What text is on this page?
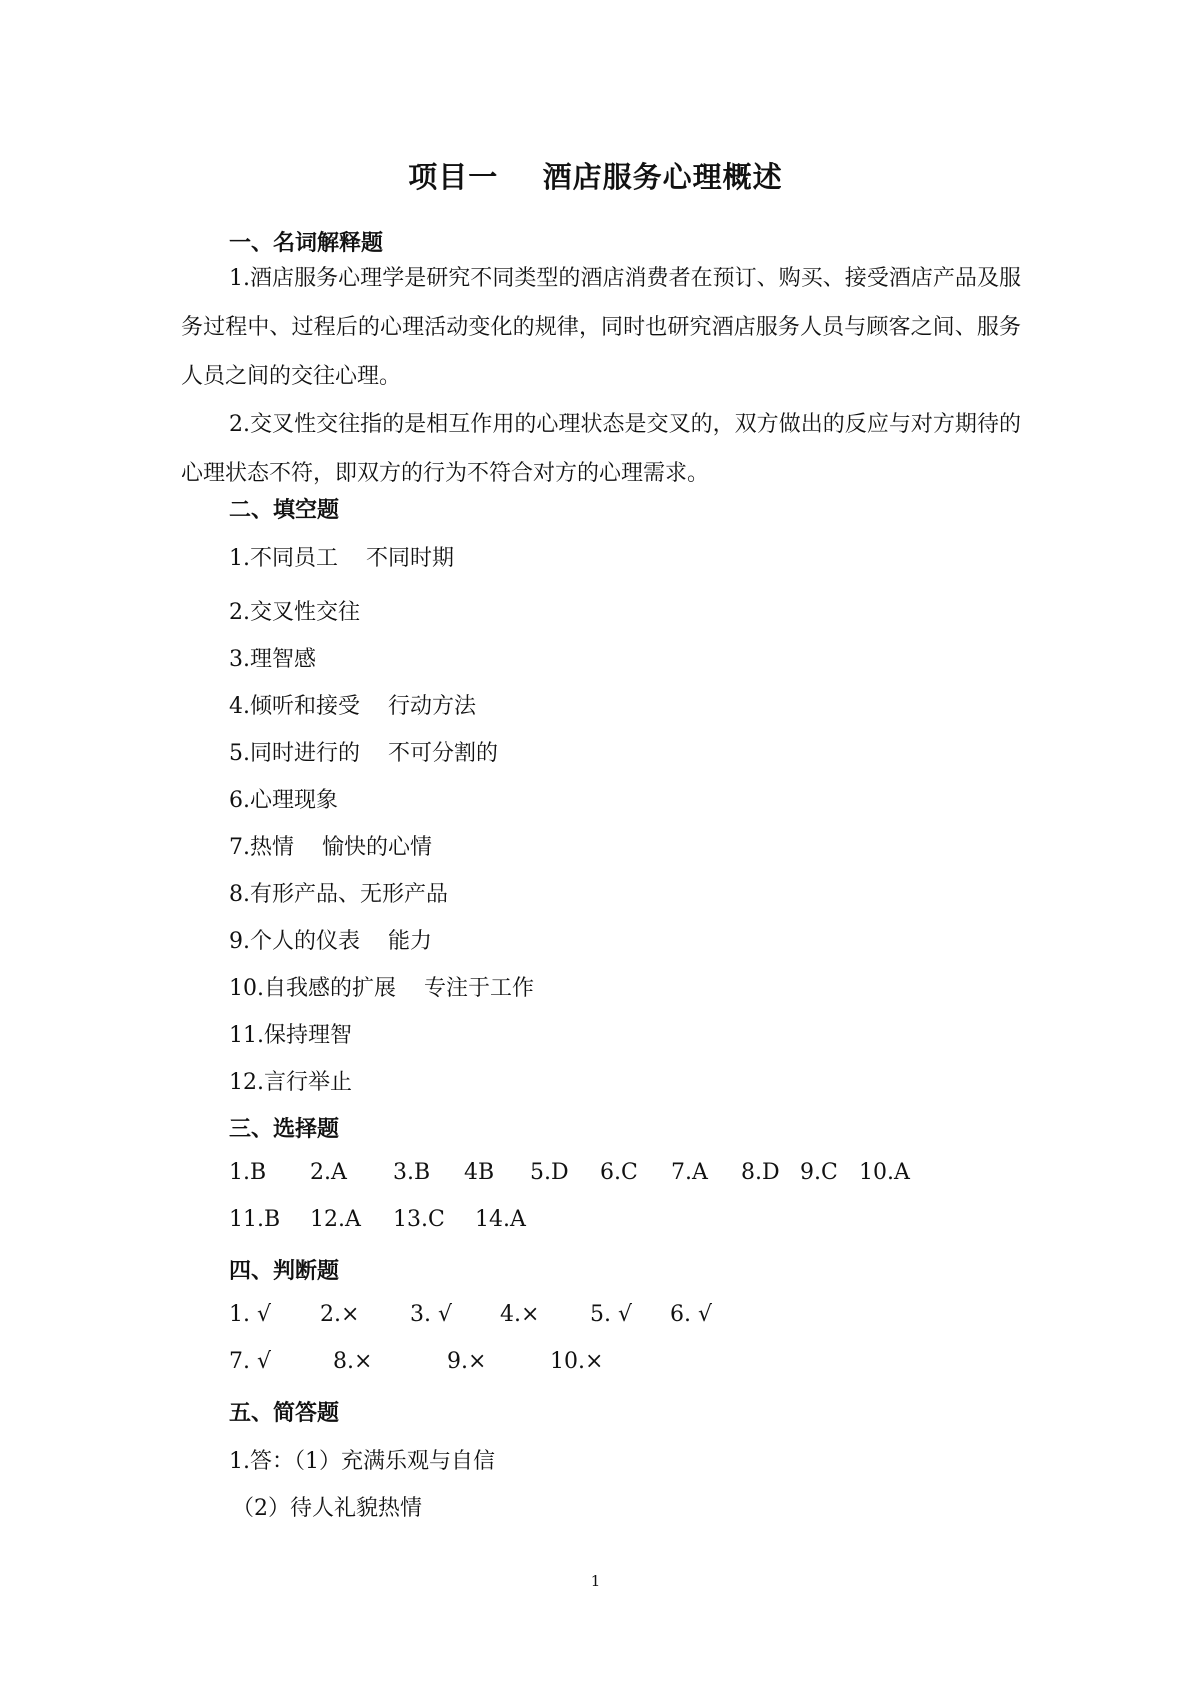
项目一    酒店服务心理概述
一、名词解释题

1.酒店服务心理学是研究不同类型的酒店消费者在预订、购买、接受酒店产品及服务过程中、过程后的心理活动变化的规律，同时也研究酒店服务人员与顾客之间、服务人员之间的交往心理。

2.交叉性交往指的是相互作用的心理状态是交叉的，双方做出的反应与对方期待的心理状态不符，即双方的行为不符合对方的心理需求。

二、填空题
1.不同员工    不同时期
2.交叉性交往
3.理智感
4.倾听和接受    行动方法
5.同时进行的    不可分割的
6.心理现象
7.热情    愉快的心情
8.有形产品、无形产品
9.个人的仪表    能力
10.自我感的扩展    专注于工作
11.保持理智
12.言行举止
三、选择题
1.B 2.A 3.B 4B 5.D 6.C 7.A 8.D 9.C 10.A
11.B 12.A 13.C 14.A
四、判断题
1. √ 2.× 3. √ 4.× 5. √ 6. √
7. √	8.×	9.×	10.×
五、简答题
1.答：（1）充满乐观与自信
（2）待人礼貌热情
1
